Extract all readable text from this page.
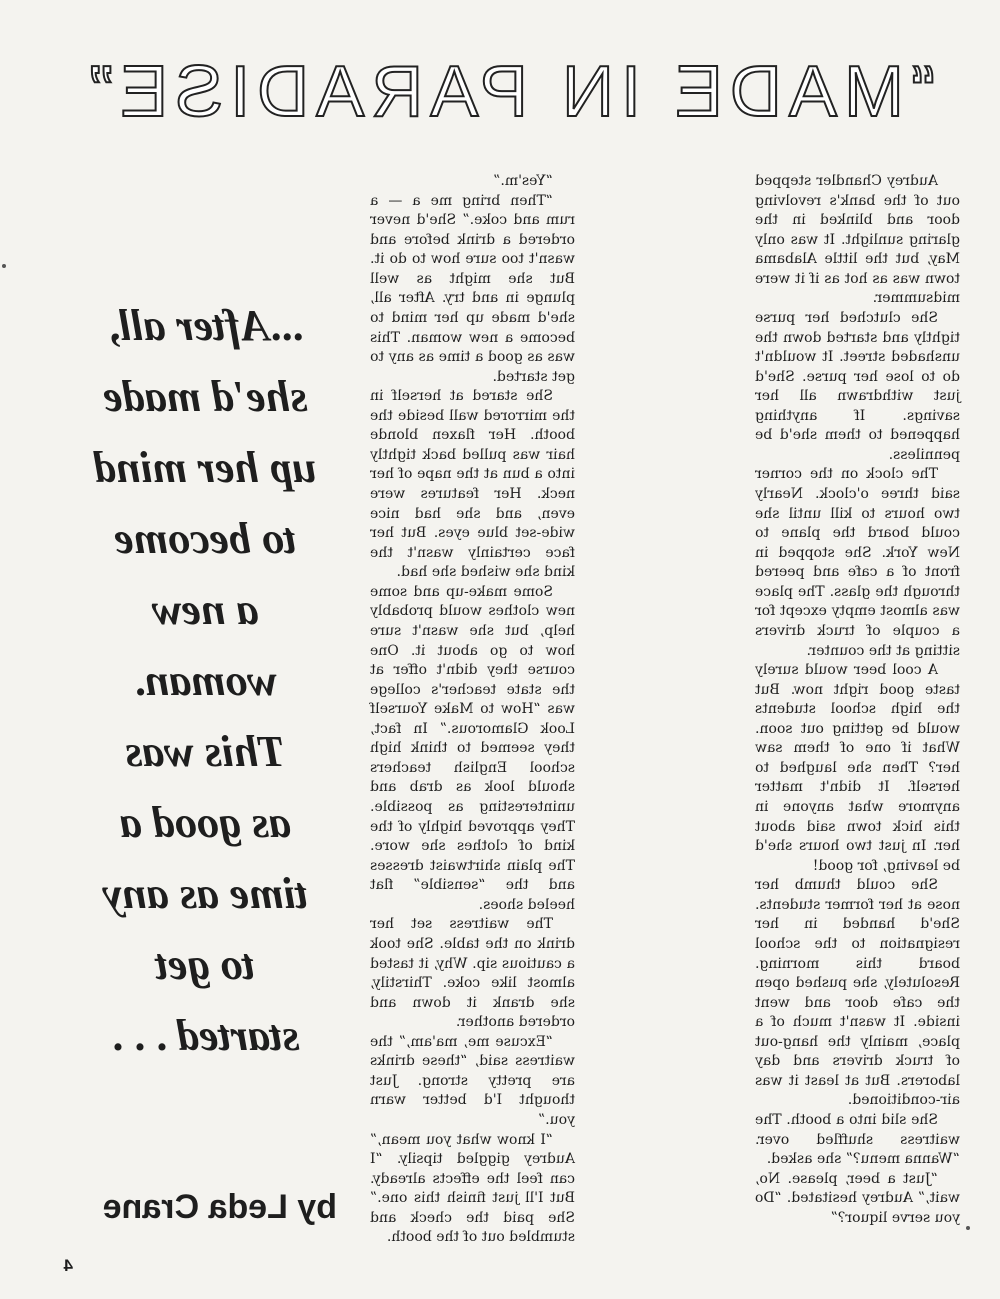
“MADE IN PARADISE”

Audrey Chandler stepped out of the bank's revolving door and blinked in the glaring sunlight. It was only May, but the little Alabama town was as hot as if it were midsummer.

She clutched her purse tightly and started down the unshaded street. It wouldn't do to lose her purse. She'd just withdrawn all her savings. If anything happened to them she'd be penniless.

The clock on the corner said three o'clock. Nearly two hours to kill until she could board the plane to New York. She stopped in front of a cafe and peered through the glass. The place was almost empty except for a couple of truck drivers sitting at the counter.

A cool beer would surely taste good right now. But the high school students would be getting out soon. What if one of them saw her? Then she laughed to herself. It didn't matter anymore what anyone in this hick town said about her. In just two hours she'd be leaving, for good!

She could thumb her nose at her former students. She'd handed in her resignation to the school board this morning. Resolutely, she pushed open the cafe door and went inside. It wasn't much of a place, mainly the hang-out of truck drivers and day laborers. But at least it was air-conditioned.

She slid into a booth. The waitress shuffled over. “Wanna menu?” she asked.

“Just a beer, please. No, wait,” Audrey hesitated. “Do you serve liquor?”

“Yes'm.”

“Then bring me a — a rum and coke.” She'd never ordered a drink before and wasn't too sure how to do it. But she might as well plunge in and try. After all, she'd made up her mind to become a new woman. This was as good a time as any to get started.

She stared at herself in the mirrored wall beside the booth. Her flaxen blonde hair was pulled back tightly into a bun at the nape of her neck. Her features were even, and she had nice wide-set blue eyes. But her face certainly wasn't the kind she wished she had.

Some make-up and some new clothes would probably help, but she wasn't sure how to go about it. One course they didn't offer at the state teacher's college was “How to Make Yourself Look Glamorous.” In fact, they seemed to think high school English teachers should look as drab and uninteresting as possible. They approved highly of the kind of clothes she wore. The plain shirtwaist dresses and the “sensible” flat heeled shoes.

The waitress set her drink on the table. She took a cautious sip. Why, it tasted almost like coke. Thirstily, she drank it down and ordered another.

“Excuse me, ma'am,” the waitress said, “these drinks are pretty strong. Just thought I'd better warn you.”

“I know what you mean,” Audrey giggled tipsily. “I can feel the effects already. But I'll just finish this one.” She paid the check and stumbled out of the booth.

...After all,
she'd made
up her mind
to become
a new
woman.
This was
as good a
time as any
to get
started . . .
by Leda Crane
4
